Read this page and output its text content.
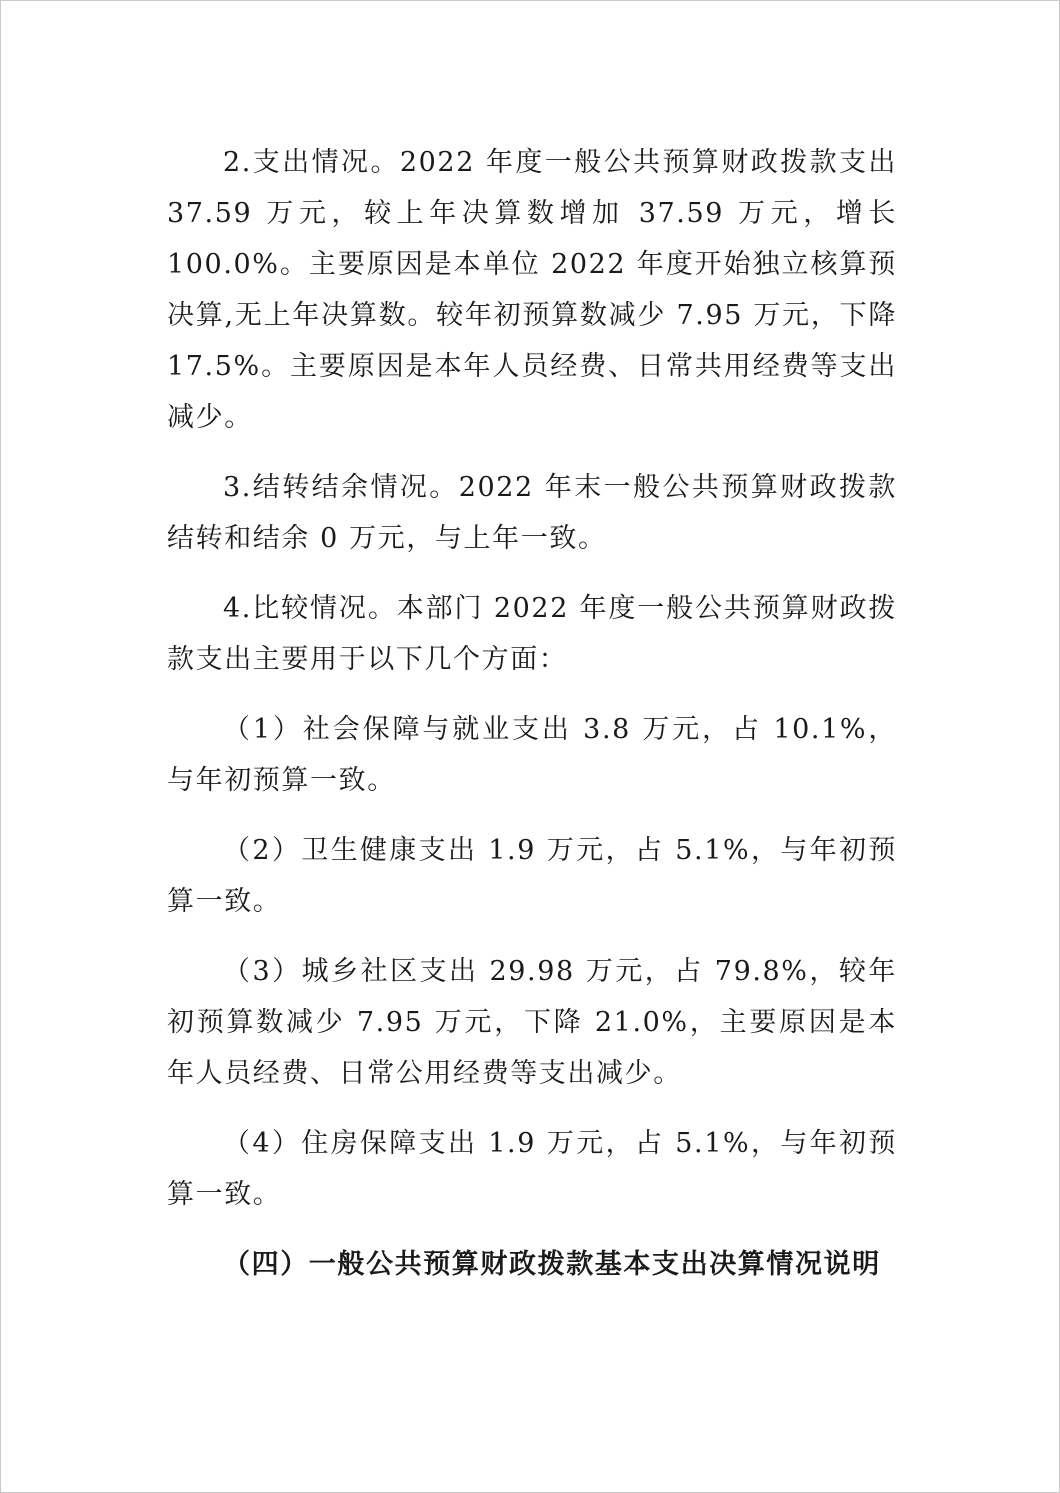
2.支出情况。2022 年度一般公共预算财政拨款支出 37.59 万元，较上年决算数增加 37.59 万元，增长 100.0%。主要原因是本单位 2022 年度开始独立核算预决算,无上年决算数。较年初预算数减少 7.95 万元，下降 17.5%。主要原因是本年人员经费、日常共用经费等支出减少。

3.结转结余情况。2022 年末一般公共预算财政拨款结转和结余 0 万元，与上年一致。

4.比较情况。本部门 2022 年度一般公共预算财政拨款支出主要用于以下几个方面：

（1）社会保障与就业支出 3.8 万元，占 10.1%，与年初预算一致。

（2）卫生健康支出 1.9 万元，占 5.1%，与年初预算一致。

（3）城乡社区支出 29.98 万元，占 79.8%，较年初预算数减少 7.95 万元，下降 21.0%，主要原因是本年人员经费、日常公用经费等支出减少。

（4）住房保障支出 1.9 万元，占 5.1%，与年初预算一致。

（四）一般公共预算财政拨款基本支出决算情况说明
